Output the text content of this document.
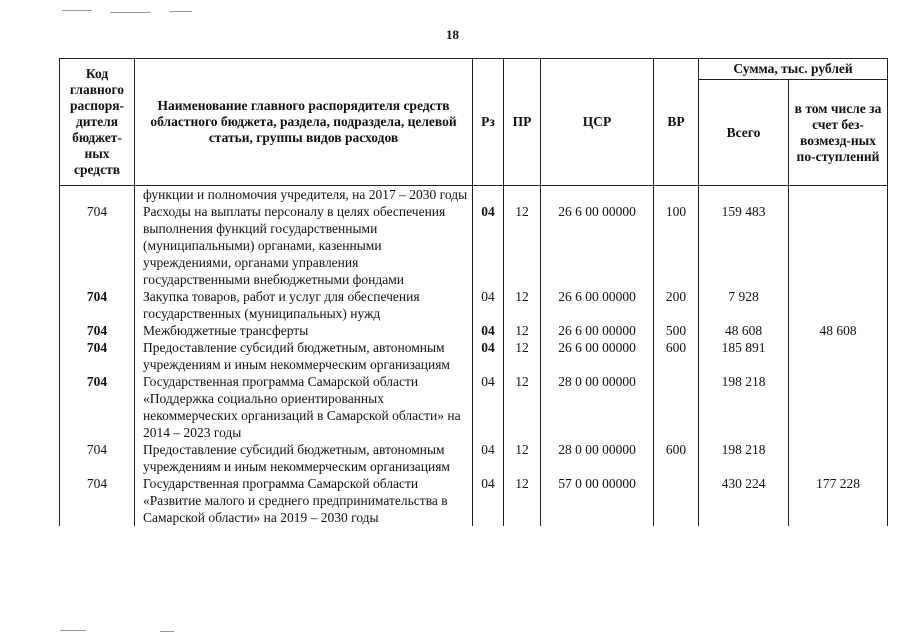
18
Код главного распоря-дителя бюджет-ных средств	Наименование главного распорядителя средств областного бюджета, раздела, подраздела, целевой статьи, группы видов расходов	Рз	ПР	ЦСР	ВР	Сумма, тыс. рублей	
						Всего	в том числе за счет без-возмезд-ных по-ступлений
	функции и полномочия учредителя, на 2017 – 2030 годы						
704	Расходы на выплаты персоналу в целях обеспечения выполнения функций государственными (муниципальными) органами, казенными учреждениями, органами управления государственными внебюджетными фондами	04	12	26 6 00 00000	100	159 483	
704	Закупка товаров, работ и услуг для обеспечения государственных (муниципальных) нужд	04	12	26 6 00 00000	200	7 928	
704	Межбюджетные трансферты	04	12	26 6 00 00000	500	48 608	48 608
704	Предоставление субсидий бюджетным, автономным учреждениям и иным некоммерческим организациям	04	12	26 6 00 00000	600	185 891	
704	Государственная программа Самарской области «Поддержка социально ориентированных некоммерческих организаций в Самарской области» на 2014 – 2023 годы	04	12	28 0 00 00000		198 218	
704	Предоставление субсидий бюджетным, автономным учреждениям и иным некоммерческим организациям	04	12	28 0 00 00000	600	198 218	
704	Государственная программа Самарской области «Развитие малого и среднего предпринимательства в Самарской области» на 2019 – 2030 годы	04	12	57 0 00 00000		430 224	177 228
